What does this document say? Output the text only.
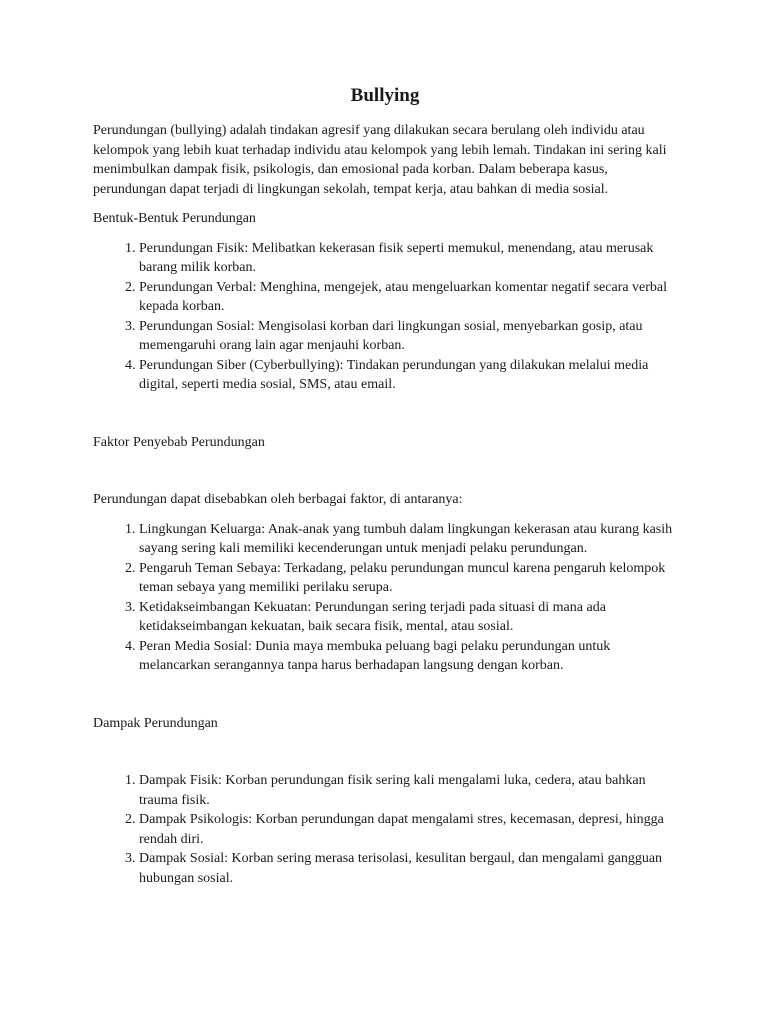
Bullying

Perundungan (bullying) adalah tindakan agresif yang dilakukan secara berulang oleh individu atau kelompok yang lebih kuat terhadap individu atau kelompok yang lebih lemah. Tindakan ini sering kali menimbulkan dampak fisik, psikologis, dan emosional pada korban. Dalam beberapa kasus, perundungan dapat terjadi di lingkungan sekolah, tempat kerja, atau bahkan di media sosial.

Bentuk-Bentuk Perundungan

1. Perundungan Fisik: Melibatkan kekerasan fisik seperti memukul, menendang, atau merusak barang milik korban.
2. Perundungan Verbal: Menghina, mengejek, atau mengeluarkan komentar negatif secara verbal kepada korban.
3. Perundungan Sosial: Mengisolasi korban dari lingkungan sosial, menyebarkan gosip, atau memengaruhi orang lain agar menjauhi korban.
4. Perundungan Siber (Cyberbullying): Tindakan perundungan yang dilakukan melalui media digital, seperti media sosial, SMS, atau email.

Faktor Penyebab Perundungan

Perundungan dapat disebabkan oleh berbagai faktor, di antaranya:

1. Lingkungan Keluarga: Anak-anak yang tumbuh dalam lingkungan kekerasan atau kurang kasih sayang sering kali memiliki kecenderungan untuk menjadi pelaku perundungan.
2. Pengaruh Teman Sebaya: Terkadang, pelaku perundungan muncul karena pengaruh kelompok teman sebaya yang memiliki perilaku serupa.
3. Ketidakseimbangan Kekuatan: Perundungan sering terjadi pada situasi di mana ada ketidakseimbangan kekuatan, baik secara fisik, mental, atau sosial.
4. Peran Media Sosial: Dunia maya membuka peluang bagi pelaku perundungan untuk melancarkan serangannya tanpa harus berhadapan langsung dengan korban.

Dampak Perundungan

1. Dampak Fisik: Korban perundungan fisik sering kali mengalami luka, cedera, atau bahkan trauma fisik.
2. Dampak Psikologis: Korban perundungan dapat mengalami stres, kecemasan, depresi, hingga rendah diri.
3. Dampak Sosial: Korban sering merasa terisolasi, kesulitan bergaul, dan mengalami gangguan hubungan sosial.
